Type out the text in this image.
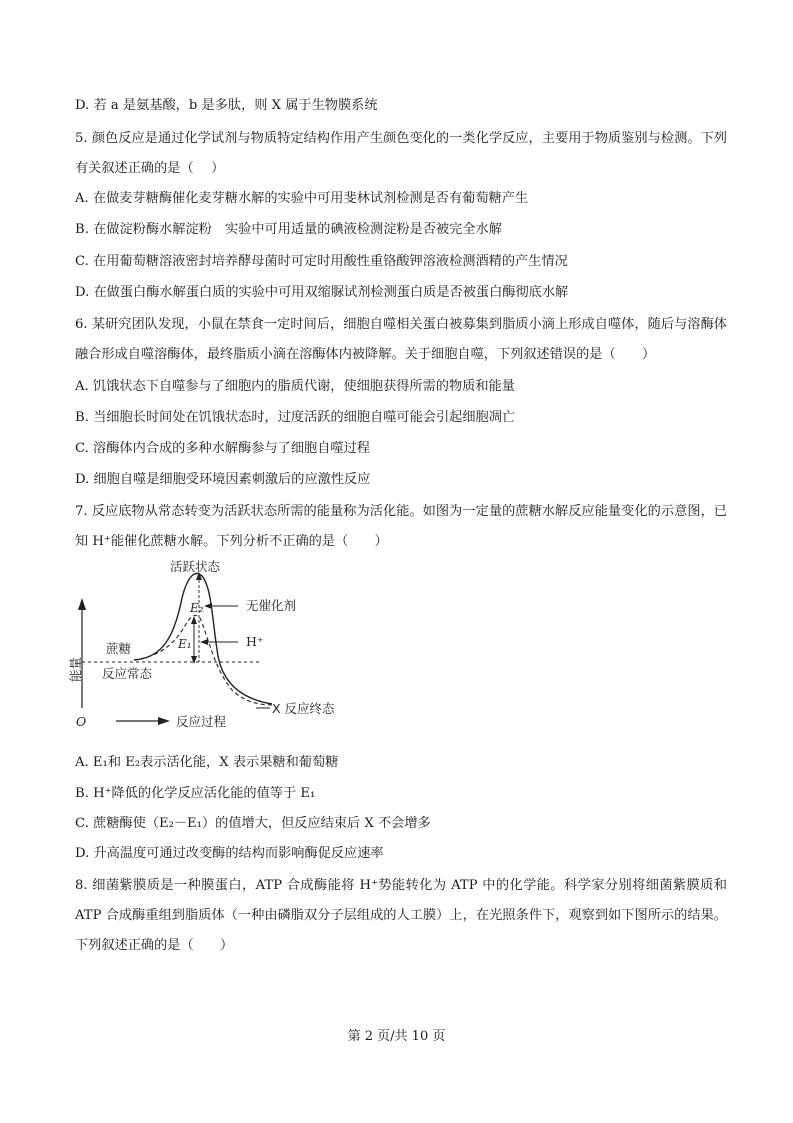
D. 若 a 是氨基酸，b 是多肽，则 X 属于生物膜系统
5. 颜色反应是通过化学试剂与物质特定结构作用产生颜色变化的一类化学反应，主要用于物质鉴别与检测。下列有关叙述正确的是（　 ）
A. 在做麦芽糖酶催化麦芽糖水解的实验中可用斐林试剂检测是否有葡萄糖产生
B. 在做淀粉酶水解淀粉　实验中可用适量的碘液检测淀粉是否被完全水解
C. 在用葡萄糖溶液密封培养酵母菌时可定时用酸性重铬酸钾溶液检测酒精的产生情况
D. 在做蛋白酶水解蛋白质的实验中可用双缩脲试剂检测蛋白质是否被蛋白酶彻底水解
6. 某研究团队发现，小鼠在禁食一定时间后，细胞自噬相关蛋白被募集到脂质小滴上形成自噬体，随后与溶酶体融合形成自噬溶酶体，最终脂质小滴在溶酶体内被降解。关于细胞自噬，下列叙述错误的是（　　）
A. 饥饿状态下自噬参与了细胞内的脂质代谢，使细胞获得所需的物质和能量
B. 当细胞长时间处在饥饿状态时，过度活跃的细胞自噬可能会引起细胞凋亡
C. 溶酶体内合成的多种水解酶参与了细胞自噬过程
D. 细胞自噬是细胞受环境因素刺激后的应激性反应
7. 反应底物从常态转变为活跃状态所需的能量称为活化能。如图为一定量的蔗糖水解反应能量变化的示意图，已知 H⁺能催化蔗糖水解。下列分析不正确的是（　　）
活跃状态
E₂	无催化剂
E₁	H⁺
蔗糖
反应常态
能量
O	反应过程
X 反应终态
A. E₁和 E₂表示活化能，X 表示果糖和葡萄糖
B. H⁺降低的化学反应活化能的值等于 E₁
C. 蔗糖酶使（E₂－E₁）的值增大，但反应结束后 X 不会增多
D. 升高温度可通过改变酶的结构而影响酶促反应速率
8. 细菌紫膜质是一种膜蛋白，ATP 合成酶能将 H⁺势能转化为 ATP 中的化学能。科学家分别将细菌紫膜质和 ATP 合成酶重组到脂质体（一种由磷脂双分子层组成的人工膜）上，在光照条件下，观察到如下图所示的结果。下列叙述正确的是（　　）
第 2 页/共 10 页
